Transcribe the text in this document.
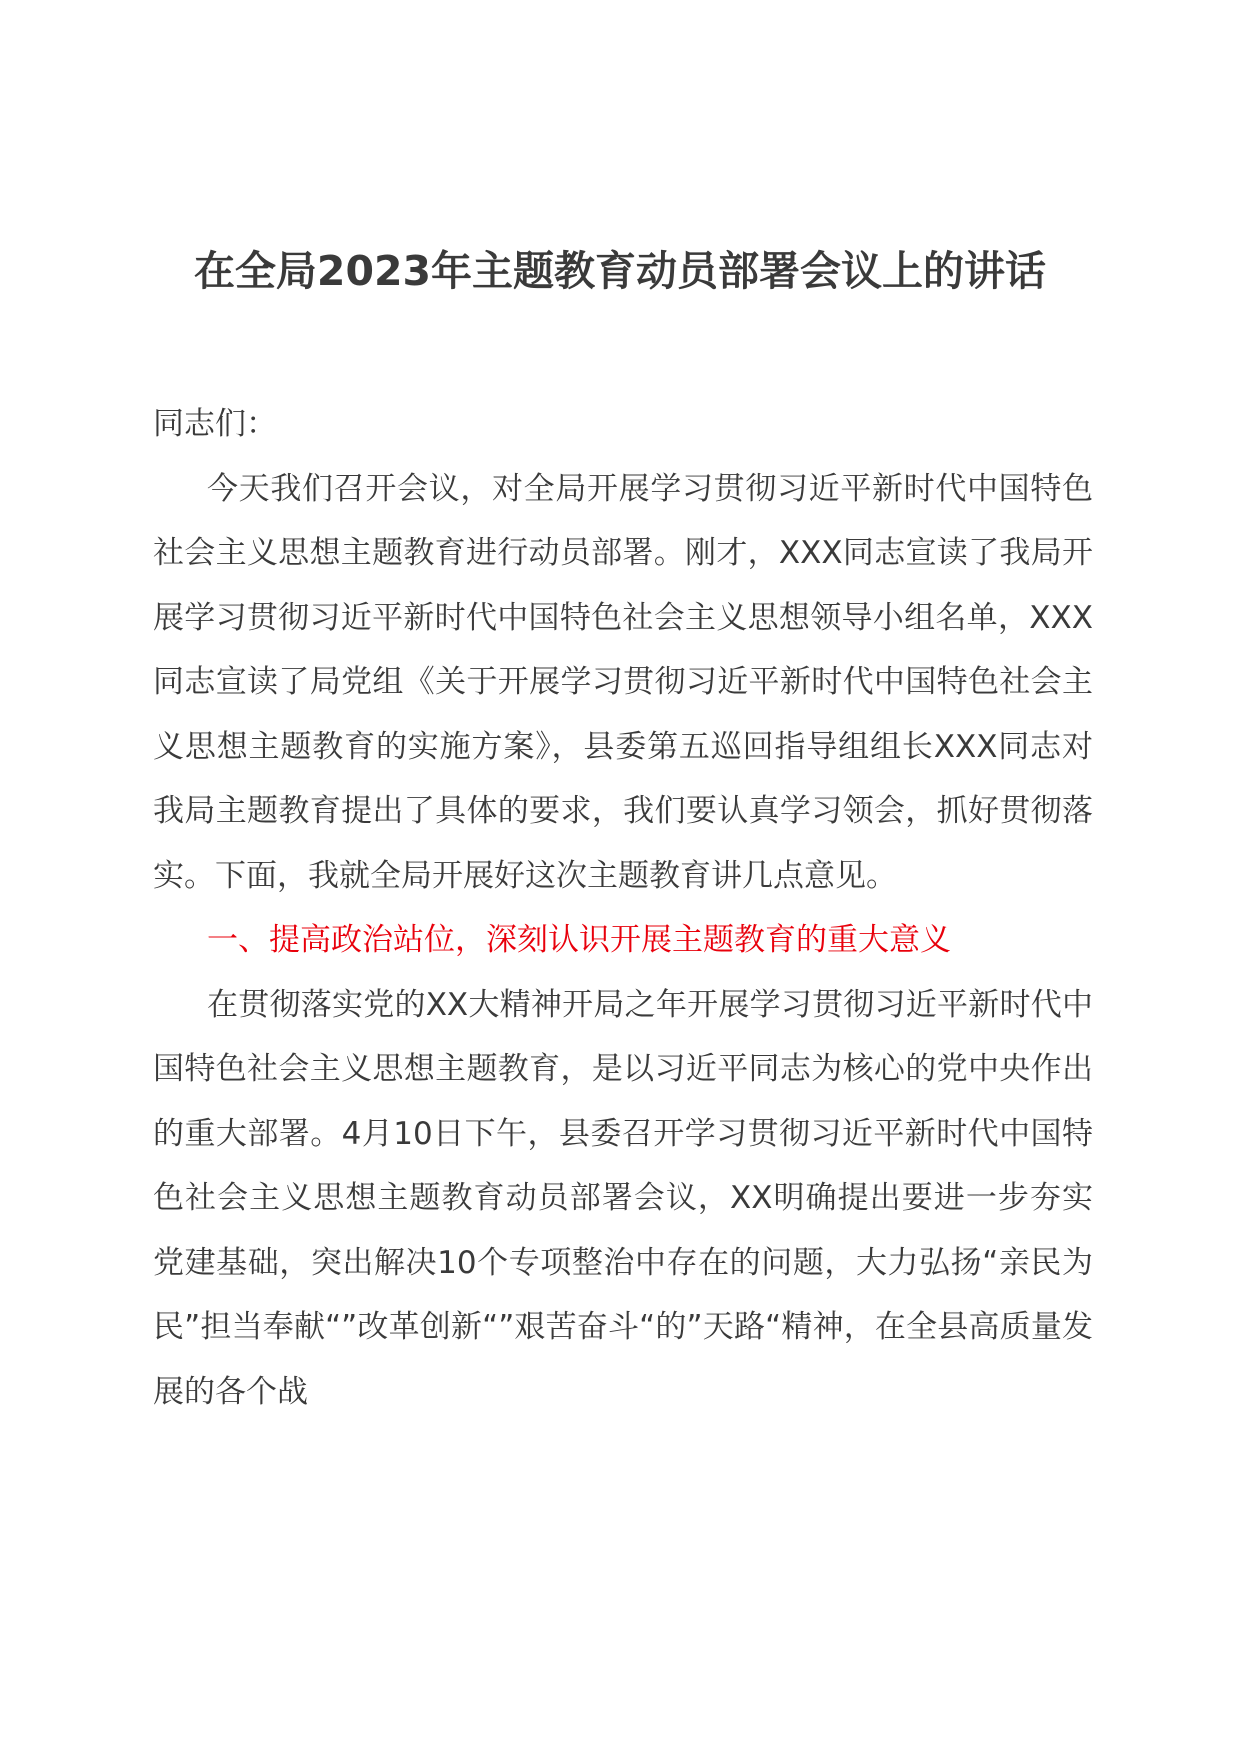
在全局2023年主题教育动员部署会议上的讲话

同志们：

今天我们召开会议，对全局开展学习贯彻习近平新时代中国特色社会主义思想主题教育进行动员部署。刚才，XXX同志宣读了我局开展学习贯彻习近平新时代中国特色社会主义思想领导小组名单，XXX同志宣读了局党组《关于开展学习贯彻习近平新时代中国特色社会主义思想主题教育的实施方案》，县委第五巡回指导组组长XXX同志对我局主题教育提出了具体的要求，我们要认真学习领会，抓好贯彻落实。下面，我就全局开展好这次主题教育讲几点意见。

一、提高政治站位，深刻认识开展主题教育的重大意义

在贯彻落实党的XX大精神开局之年开展学习贯彻习近平新时代中国特色社会主义思想主题教育，是以习近平同志为核心的党中央作出的重大部署。4月10日下午，县委召开学习贯彻习近平新时代中国特色社会主义思想主题教育动员部署会议，XX明确提出要进一步夯实党建基础，突出解决10个专项整治中存在的问题，大力弘扬“亲民为民”担当奉献“”改革创新“”艰苦奋斗“的”天路“精神，在全县高质量发展的各个战
